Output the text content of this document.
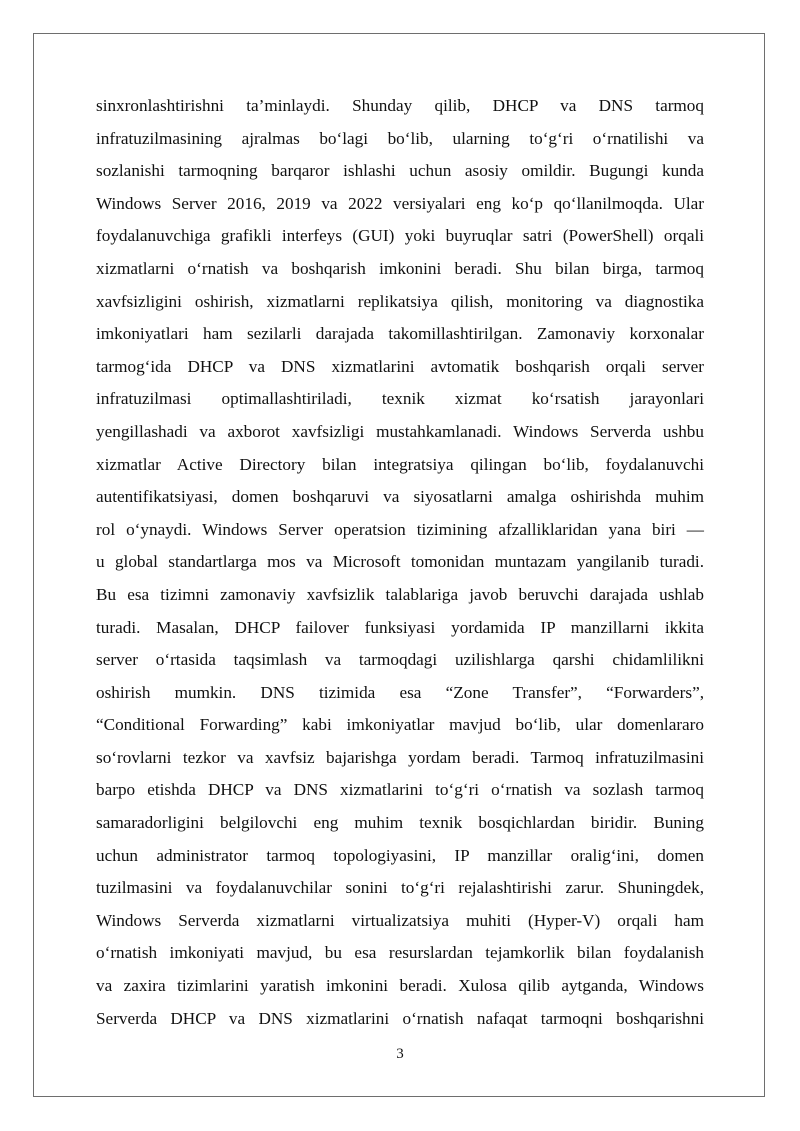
sinxronlashtirishni ta’minlaydi. Shunday qilib, DHCP va DNS tarmoq
infratuzilmasining ajralmas bo‘lagi bo‘lib, ularning to‘g‘ri o‘rnatilishi va
sozlanishi tarmoqning barqaror ishlashi uchun asosiy omildir. Bugungi kunda
Windows Server 2016, 2019 va 2022 versiyalari eng ko‘p qo‘llanilmoqda. Ular
foydalanuvchiga grafikli interfeys (GUI) yoki buyruqlar satri (PowerShell) orqali
xizmatlarni o‘rnatish va boshqarish imkonini beradi. Shu bilan birga, tarmoq
xavfsizligini oshirish, xizmatlarni replikatsiya qilish, monitoring va diagnostika
imkoniyatlari ham sezilarli darajada takomillashtirilgan. Zamonaviy korxonalar
tarmog‘ida DHCP va DNS xizmatlarini avtomatik boshqarish orqali server
infratuzilmasi optimallashtiriladi, texnik xizmat ko‘rsatish jarayonlari
yengillashadi va axborot xavfsizligi mustahkamlanadi. Windows Serverda ushbu
xizmatlar Active Directory bilan integratsiya qilingan bo‘lib, foydalanuvchi
autentifikatsiyasi, domen boshqaruvi va siyosatlarni amalga oshirishda muhim
rol o‘ynaydi. Windows Server operatsion tizimining afzalliklaridan yana biri —
u global standartlarga mos va Microsoft tomonidan muntazam yangilanib turadi.
Bu esa tizimni zamonaviy xavfsizlik talablariga javob beruvchi darajada ushlab
turadi. Masalan, DHCP failover funksiyasi yordamida IP manzillarni ikkita
server o‘rtasida taqsimlash va tarmoqdagi uzilishlarga qarshi chidamlilikni
oshirish mumkin. DNS tizimida esa “Zone Transfer”, “Forwarders”,
“Conditional Forwarding” kabi imkoniyatlar mavjud bo‘lib, ular domenlararo
so‘rovlarni tezkor va xavfsiz bajarishga yordam beradi. Tarmoq infratuzilmasini
barpo etishda DHCP va DNS xizmatlarini to‘g‘ri o‘rnatish va sozlash tarmoq
samaradorligini belgilovchi eng muhim texnik bosqichlardan biridir. Buning
uchun administrator tarmoq topologiyasini, IP manzillar oralig‘ini, domen
tuzilmasini va foydalanuvchilar sonini to‘g‘ri rejalashtirishi zarur. Shuningdek,
Windows Serverda xizmatlarni virtualizatsiya muhiti (Hyper-V) orqali ham
o‘rnatish imkoniyati mavjud, bu esa resurslardan tejamkorlik bilan foydalanish
va zaxira tizimlarini yaratish imkonini beradi. Xulosa qilib aytganda, Windows
Serverda DHCP va DNS xizmatlarini o‘rnatish nafaqat tarmoqni boshqarishni
3
